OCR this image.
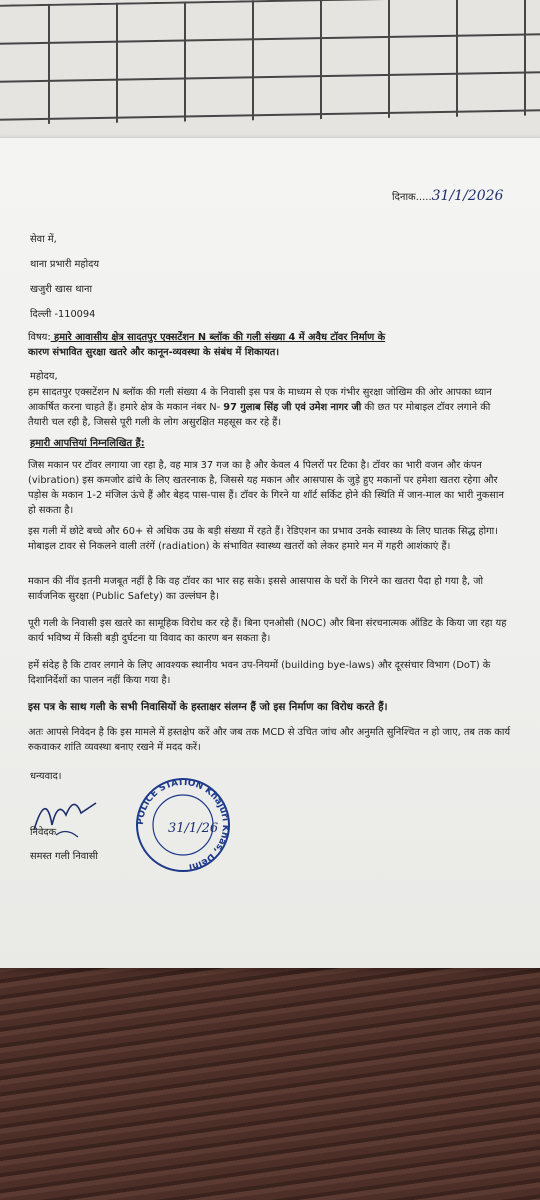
दिनाक.....31/1/2026
सेवा में,
थाना प्रभारी महोदय
खजुरी खास थाना
दिल्ली -110094

विषय: हमारे आवासीय क्षेत्र सादतपुर एक्सटेंशन N ब्लॉक की गली संख्या 4 में अवैध टॉवर निर्माण के
कारण संभावित सुरक्षा खतरे और कानून-व्यवस्था के संबंध में शिकायत।

महोदय,

हम सादतपुर एक्सटेंशन N ब्लॉक की गली संख्या 4 के निवासी इस पत्र के माध्यम से एक गंभीर सुरक्षा जोखिम की ओर आपका ध्यान आकर्षित करना चाहते हैं। हमारे क्षेत्र के मकान नंबर N- 97 गुलाब सिंह जी एवं उमेश नागर जी की छत पर मोबाइल टॉवर लगाने की तैयारी चल रही है, जिससे पूरी गली के लोग असुरक्षित महसूस कर रहे हैं।

हमारी आपत्तियां निम्नलिखित हैं:

जिस मकान पर टॉवर लगाया जा रहा है, वह मात्र 37 गज का है और केवल 4 पिलरों पर टिका है। टॉवर का भारी वजन और कंपन (vibration) इस कमजोर ढांचे के लिए खतरनाक है, जिससे यह मकान और आसपास के जुड़े हुए मकानों पर हमेशा खतरा रहेगा और पड़ोस के मकान 1-2 मंजिल ऊंचे हैं और बेहद पास-पास हैं। टॉवर के गिरने या शॉर्ट सर्किट होने की स्थिति में जान-माल का भारी नुकसान हो सकता है।

इस गली में छोटे बच्चे और 60+ से अधिक उम्र के बड़ी संख्या में रहते हैं। रेडिएशन का प्रभाव उनके स्वास्थ्य के लिए घातक सिद्ध होगा। मोबाइल टावर से निकलने वाली तरंगें (radiation) के संभावित स्वास्थ्य खतरों को लेकर हमारे मन में गहरी आशंकाएं हैं।

मकान की नींव इतनी मजबूत नहीं है कि वह टॉवर का भार सह सके। इससे आसपास के घरों के गिरने का खतरा पैदा हो गया है, जो सार्वजनिक सुरक्षा (Public Safety) का उल्लंघन है।

पूरी गली के निवासी इस खतरे का सामूहिक विरोध कर रहे हैं। बिना एनओसी (NOC) और बिना संरचनात्मक ऑडिट के किया जा रहा यह कार्य भविष्य में किसी बड़ी दुर्घटना या विवाद का कारण बन सकता है।

हमें संदेह है कि टावर लगाने के लिए आवश्यक स्थानीय भवन उप-नियमों (building bye-laws) और दूरसंचार विभाग (DoT) के दिशानिर्देशों का पालन नहीं किया गया है।

इस पत्र के साथ गली के सभी निवासियों के हस्ताक्षर संलग्न हैं जो इस निर्माण का विरोध करते हैं।

अतः आपसे निवेदन है कि इस मामले में हस्तक्षेप करें और जब तक MCD से उचित जांच और अनुमति सुनिश्चित न हो जाए, तब तक कार्य रुकवाकर शांति व्यवस्था बनाए रखने में मदद करें।

धन्यवाद।
निवेदक
समस्त गली निवासी
POLICE STATION Khajuri Khas, Delhi
31/1/26
